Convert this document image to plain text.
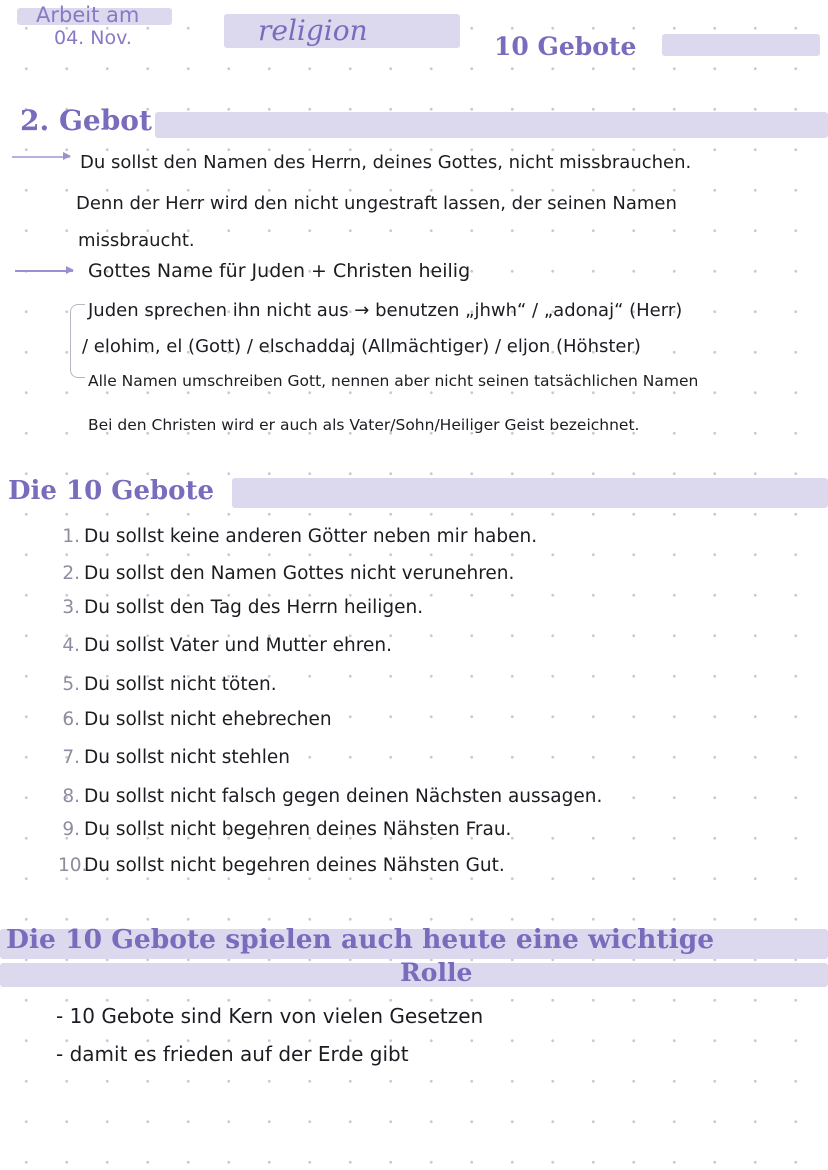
Arbeit am
04. Nov.	religion	10 Gebote
2. Gebot
Du sollst den Namen des Herrn, deines Gottes, nicht missbrauchen.
Denn der Herr wird den nicht ungestraft lassen, der seinen Namen
missbraucht.
Gottes Name für Juden + Christen heilig
Juden sprechen ihn nicht aus → benutzen „jhwh“ / „adonaj“ (Herr)
/ elohim, el (Gott) / elschaddaj (Allmächtiger) / eljon (Höhster)
Alle Namen umschreiben Gott, nennen aber nicht seinen tatsächlichen Namen
Bei den Christen wird er auch als Vater/Sohn/Heiliger Geist bezeichnet.
Die 10 Gebote
1. Du sollst keine anderen Götter neben mir haben.
2. Du sollst den Namen Gottes nicht verunehren.
3. Du sollst den Tag des Herrn heiligen.
4. Du sollst Vater und Mutter ehren.
5. Du sollst nicht töten.
6. Du sollst nicht ehebrechen
7. Du sollst nicht stehlen
8. Du sollst nicht falsch gegen deinen Nächsten aussagen.
9. Du sollst nicht begehren deines Nähsten Frau.
10.Du sollst nicht begehren deines Nähsten Gut.
Die 10 Gebote spielen auch heute eine wichtige
Rolle
- 10 Gebote sind Kern von vielen Gesetzen
- damit es frieden auf der Erde gibt
